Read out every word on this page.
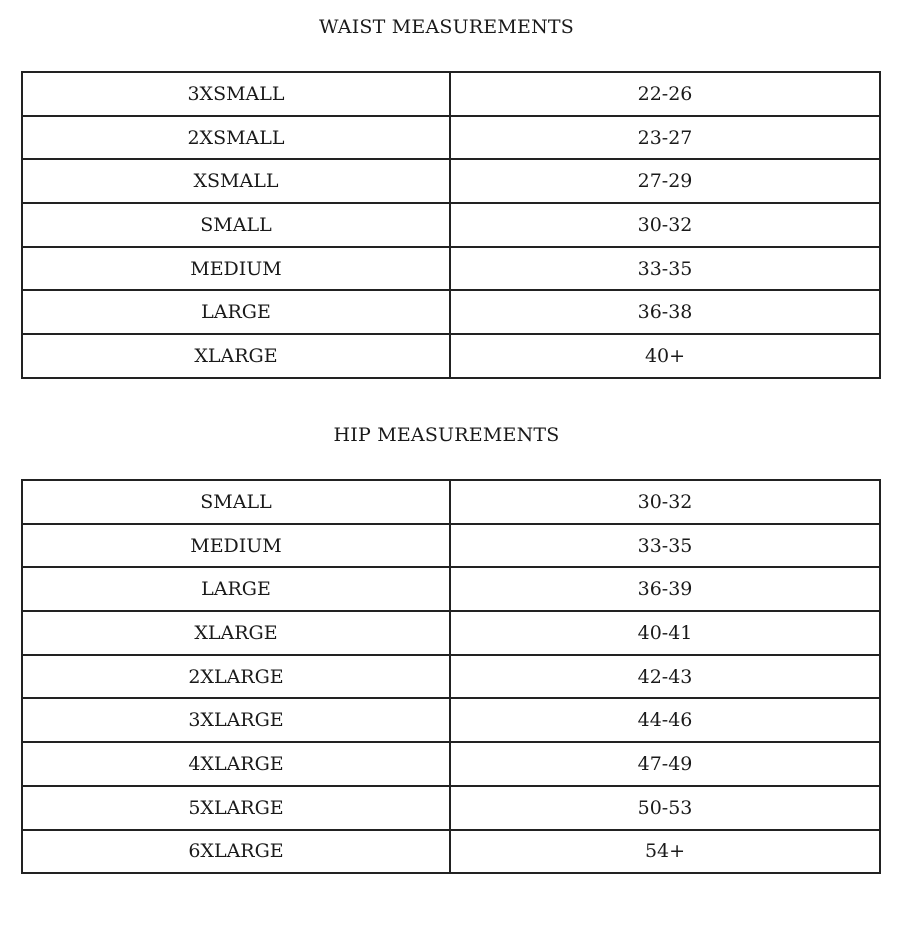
WAIST MEASUREMENTS
3XSMALL	22-26
2XSMALL	23-27
XSMALL	27-29
SMALL	30-32
MEDIUM	33-35
LARGE	36-38
XLARGE	40+
HIP MEASUREMENTS
SMALL	30-32
MEDIUM	33-35
LARGE	36-39
XLARGE	40-41
2XLARGE	42-43
3XLARGE	44-46
4XLARGE	47-49
5XLARGE	50-53
6XLARGE	54+
